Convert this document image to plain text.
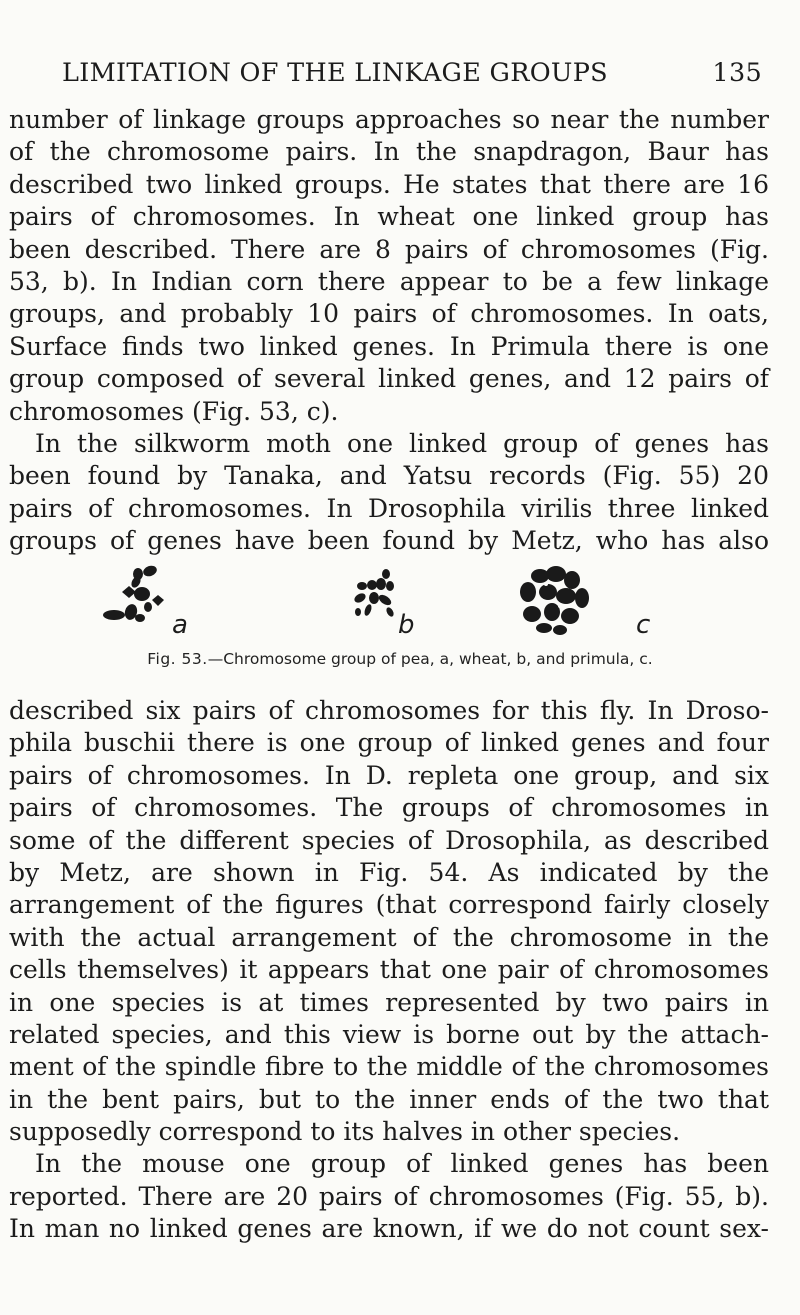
LIMITATION OF THE LINKAGE GROUPS	135
number of linkage groups approaches so near the number
of the chromosome pairs. In the snapdragon, Baur has
described two linked groups. He states that there are 16
pairs of chromosomes. In wheat one linked group has
been described. There are 8 pairs of chromosomes (Fig.
53, b). In Indian corn there appear to be a few linkage
groups, and probably 10 pairs of chromosomes. In oats,
Surface finds two linked genes. In Primula there is one
group composed of several linked genes, and 12 pairs of
chromosomes (Fig. 53, c).
In the silkworm moth one linked group of genes has
been found by Tanaka, and Yatsu records (Fig. 55) 20
pairs of chromosomes. In Drosophila virilis three linked
groups of genes have been found by Metz, who has also
a	b	c
Fig. 53.—Chromosome group of pea, a, wheat, b, and primula, c.
described six pairs of chromosomes for this fly. In Droso-
phila buschii there is one group of linked genes and four
pairs of chromosomes. In D. repleta one group, and six
pairs of chromosomes. The groups of chromosomes in
some of the different species of Drosophila, as described
by Metz, are shown in Fig. 54. As indicated by the
arrangement of the figures (that correspond fairly closely
with the actual arrangement of the chromosome in the
cells themselves) it appears that one pair of chromosomes
in one species is at times represented by two pairs in
related species, and this view is borne out by the attach-
ment of the spindle fibre to the middle of the chromosomes
in the bent pairs, but to the inner ends of the two that
supposedly correspond to its halves in other species.
In the mouse one group of linked genes has been
reported. There are 20 pairs of chromosomes (Fig. 55, b).
In man no linked genes are known, if we do not count sex-
